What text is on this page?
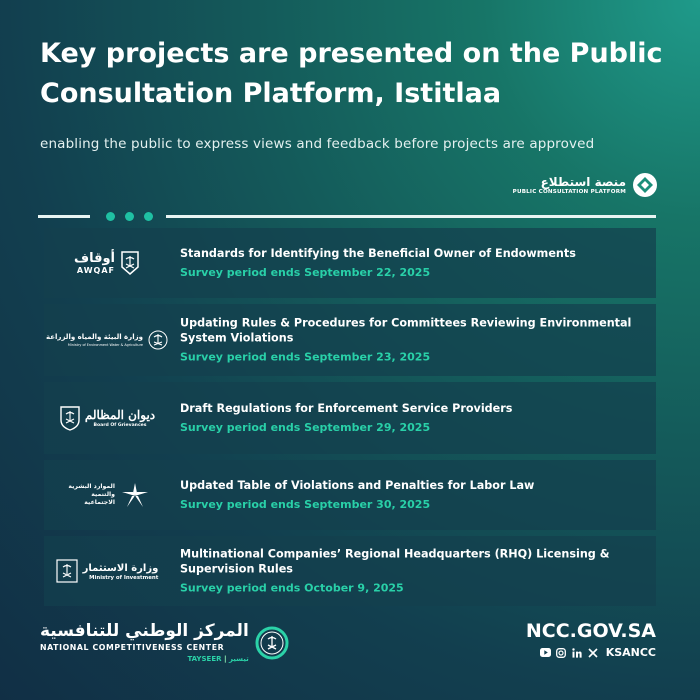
Key projects are presented on the Public Consultation Platform, Istitlaa
enabling the public to express views and feedback before projects are approved
منصة استطلاع
PUBLIC CONSULTATION PLATFORM
أوقاف
AWQAF
Standards for Identifying the Beneficial Owner of Endowments
Survey period ends September 22, 2025
وزارة البيئة والمياه والزراعة
Ministry of Environment Water & Agriculture
Updating Rules & Procedures for Committees Reviewing Environmental System Violations
Survey period ends September 23, 2025
ديوان المظالم
Board Of Grievances
Draft Regulations for Enforcement Service Providers
Survey period ends September 29, 2025
الموارد البشرية والتنمية الاجتماعية
Updated Table of Violations and Penalties for Labor Law
Survey period ends September 30, 2025
وزارة الاستثمار
Ministry of Investment
Multinational Companies’ Regional Headquarters (RHQ) Licensing & Supervision Rules
Survey period ends October 9, 2025
المركز الوطني للتنافسية
NATIONAL COMPETITIVENESS CENTER
TAYSEER | تيسير
NCC.GOV.SA
KSANCC
